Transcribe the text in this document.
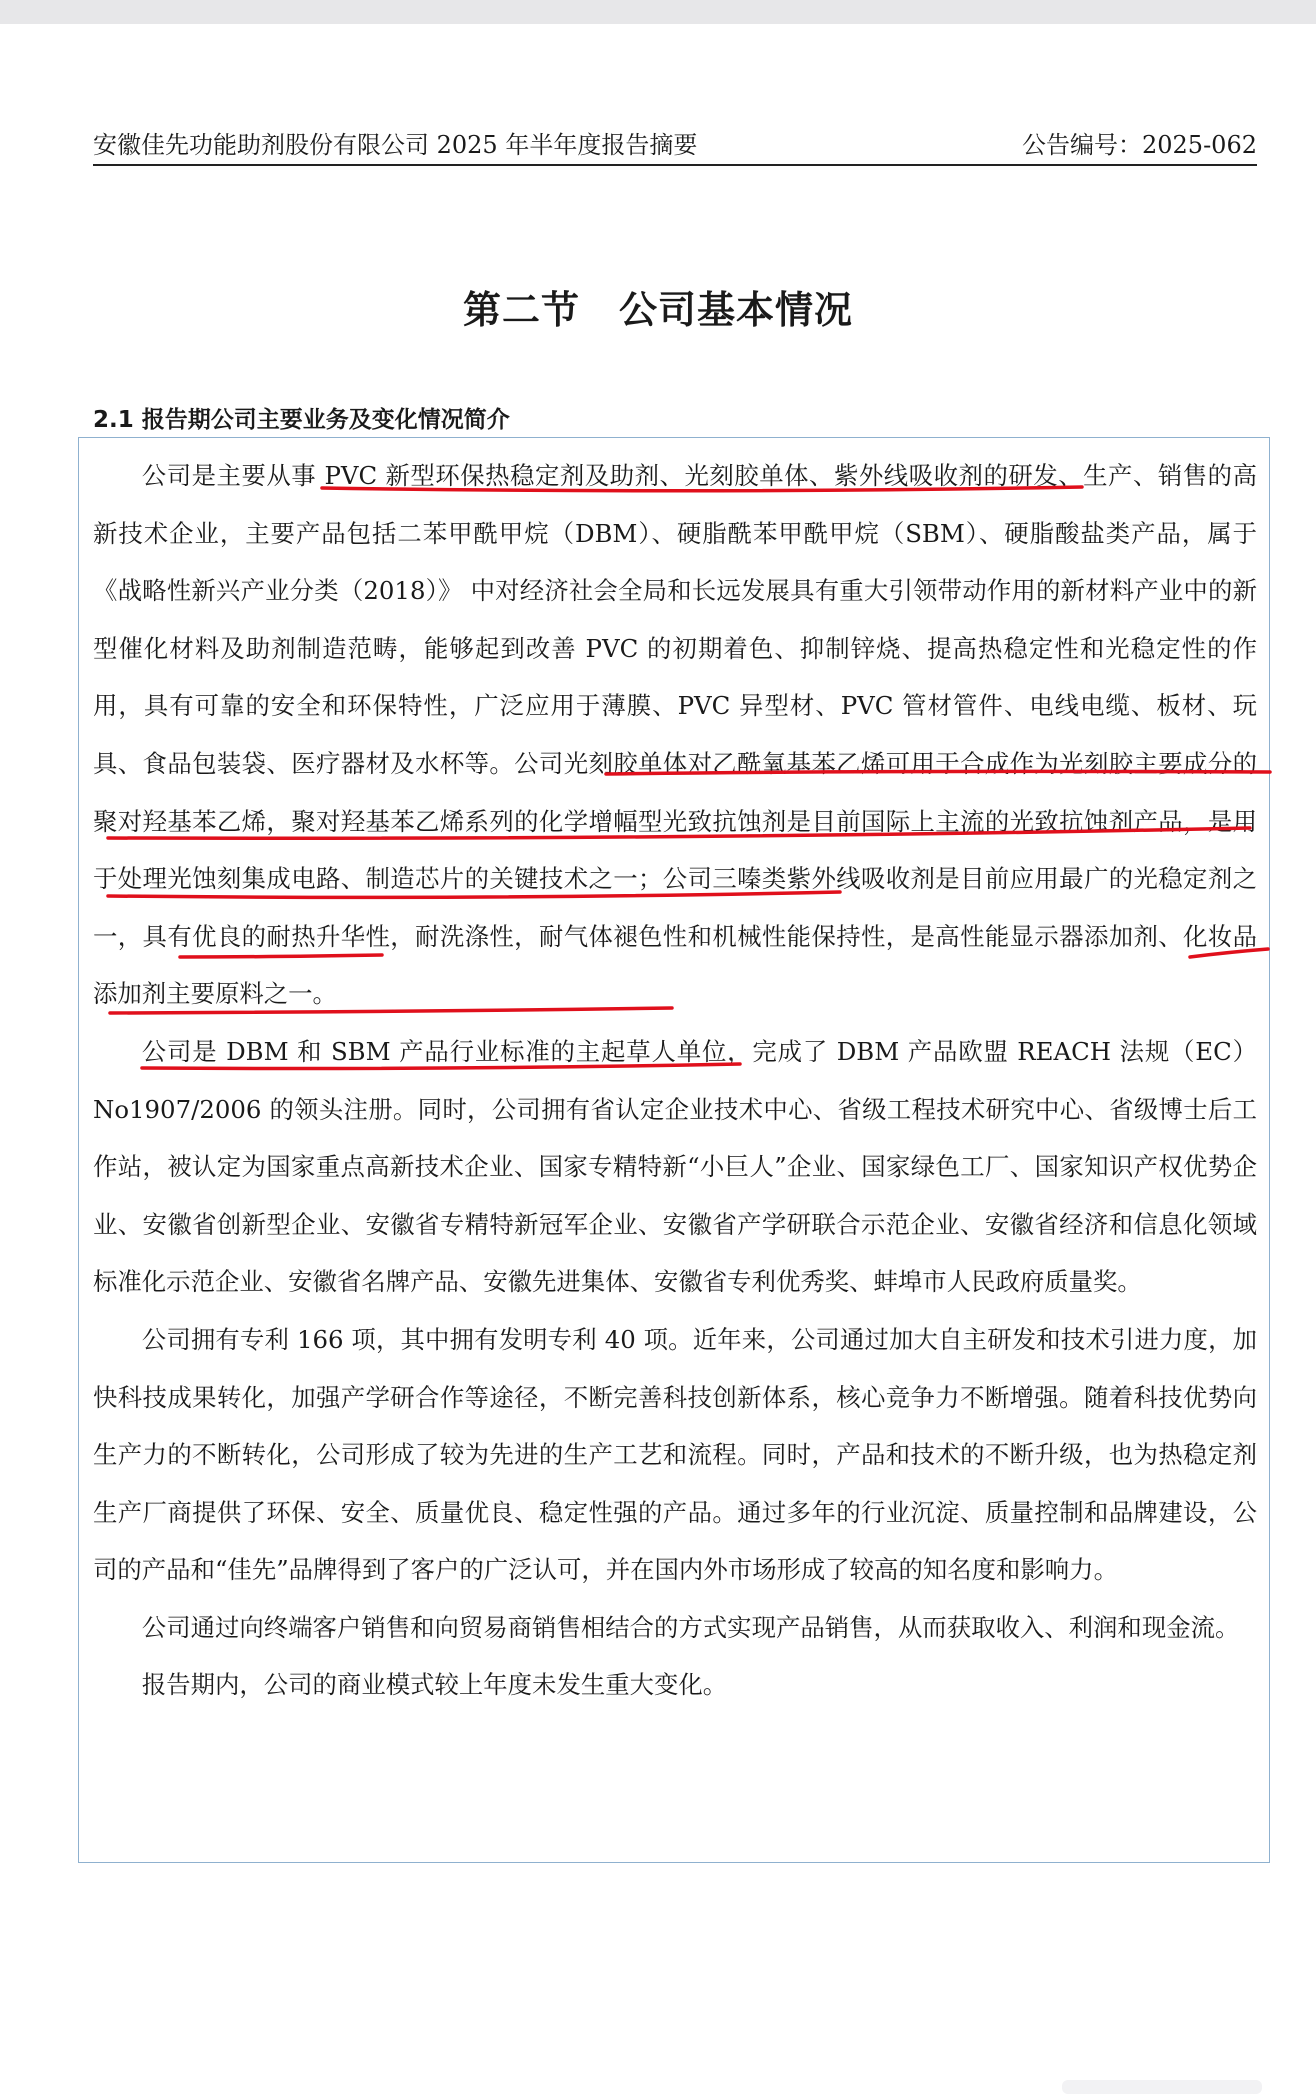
安徽佳先功能助剂股份有限公司 2025 年半年度报告摘要	公告编号：2025-062
第二节　公司基本情况
2.1 报告期公司主要业务及变化情况简介

公司是主要从事 PVC 新型环保热稳定剂及助剂、光刻胶单体、紫外线吸收剂的研发、生产、销售的高新技术企业，主要产品包括二苯甲酰甲烷（DBM）、硬脂酰苯甲酰甲烷（SBM）、硬脂酸盐类产品，属于《战略性新兴产业分类（2018）》 中对经济社会全局和长远发展具有重大引领带动作用的新材料产业中的新型催化材料及助剂制造范畴，能够起到改善 PVC 的初期着色、抑制锌烧、提高热稳定性和光稳定性的作用，具有可靠的安全和环保特性，广泛应用于薄膜、PVC 异型材、PVC 管材管件、电线电缆、板材、玩具、食品包装袋、医疗器材及水杯等。公司光刻胶单体对乙酰氧基苯乙烯可用于合成作为光刻胶主要成分的聚对羟基苯乙烯，聚对羟基苯乙烯系列的化学增幅型光致抗蚀剂是目前国际上主流的光致抗蚀剂产品，是用于处理光蚀刻集成电路、制造芯片的关键技术之一；公司三嗪类紫外线吸收剂是目前应用最广的光稳定剂之一，具有优良的耐热升华性，耐洗涤性，耐气体褪色性和机械性能保持性，是高性能显示器添加剂、化妆品添加剂主要原料之一。

公司是 DBM 和 SBM 产品行业标准的主起草人单位，完成了 DBM 产品欧盟 REACH 法规（EC）No1907/2006 的领头注册。同时，公司拥有省认定企业技术中心、省级工程技术研究中心、省级博士后工作站，被认定为国家重点高新技术企业、国家专精特新“小巨人”企业、国家绿色工厂、国家知识产权优势企业、安徽省创新型企业、安徽省专精特新冠军企业、安徽省产学研联合示范企业、安徽省经济和信息化领域标准化示范企业、安徽省名牌产品、安徽先进集体、安徽省专利优秀奖、蚌埠市人民政府质量奖。

公司拥有专利 166 项，其中拥有发明专利 40 项。近年来，公司通过加大自主研发和技术引进力度，加快科技成果转化，加强产学研合作等途径，不断完善科技创新体系，核心竞争力不断增强。随着科技优势向生产力的不断转化，公司形成了较为先进的生产工艺和流程。同时，产品和技术的不断升级，也为热稳定剂生产厂商提供了环保、安全、质量优良、稳定性强的产品。通过多年的行业沉淀、质量控制和品牌建设，公司的产品和“佳先”品牌得到了客户的广泛认可，并在国内外市场形成了较高的知名度和影响力。

公司通过向终端客户销售和向贸易商销售相结合的方式实现产品销售，从而获取收入、利润和现金流。

报告期内，公司的商业模式较上年度未发生重大变化。
